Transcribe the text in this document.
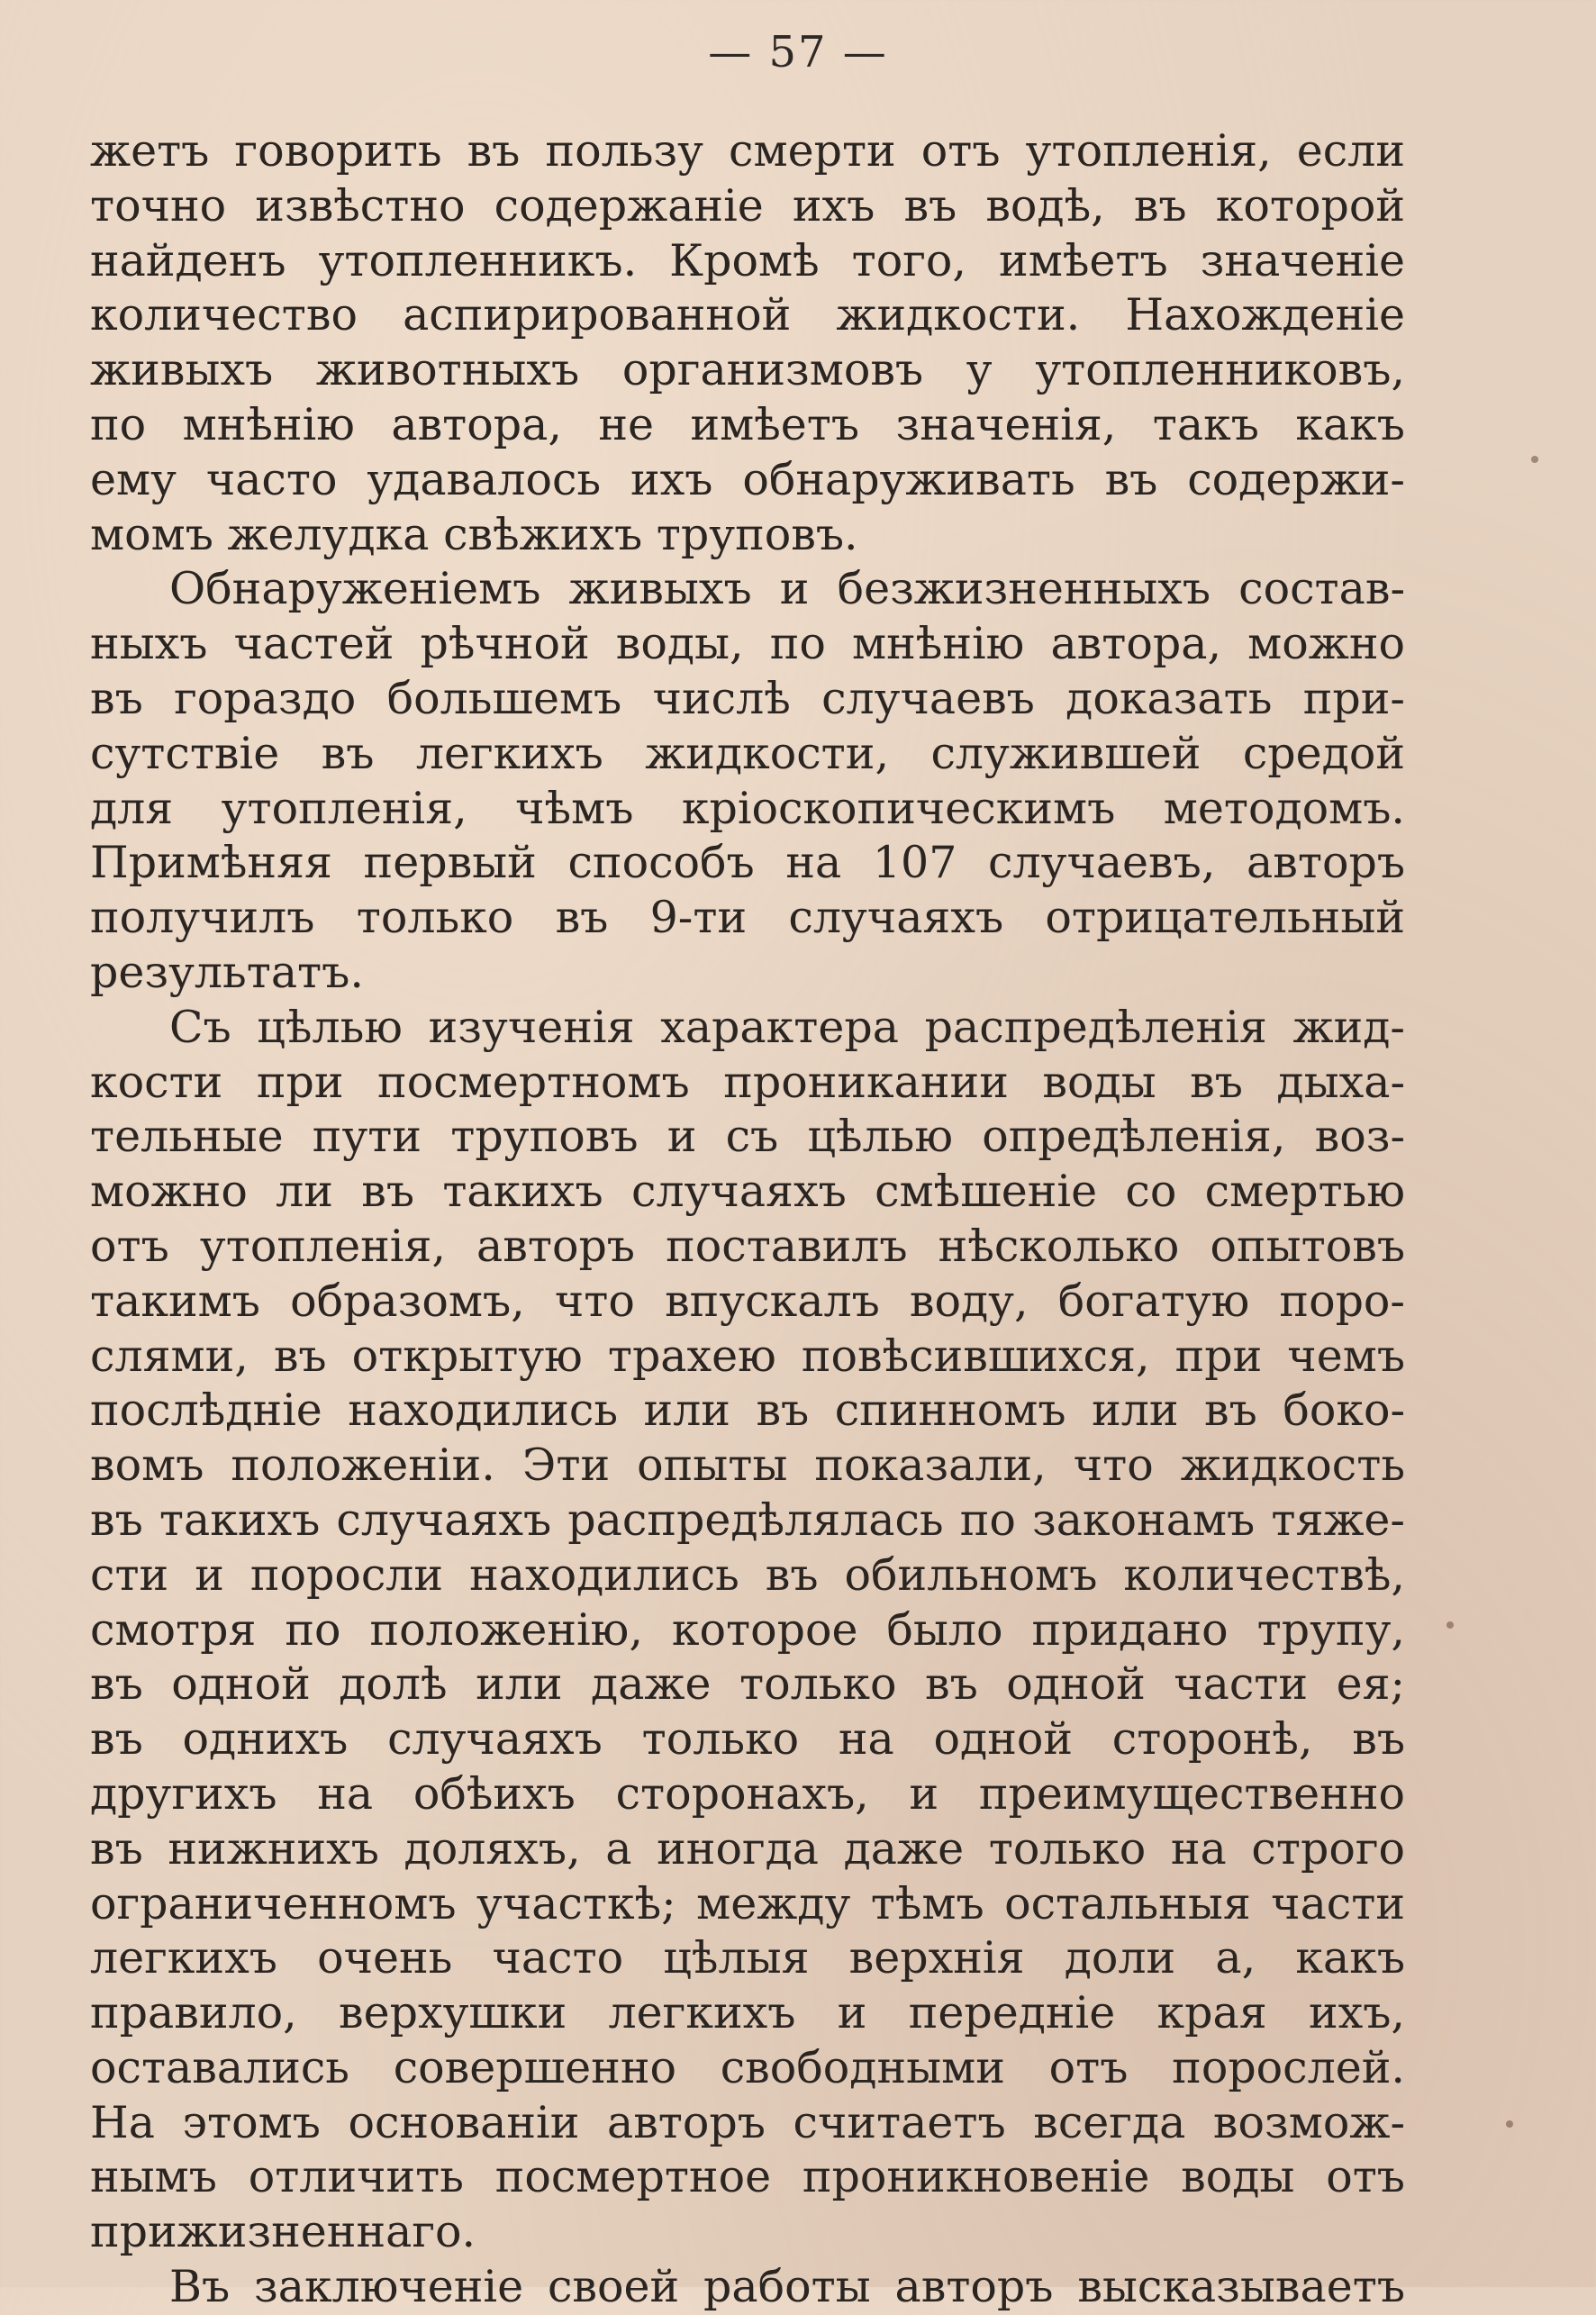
— 57 —
жетъ говорить въ пользу смерти отъ утопленія, если
точно извѣстно содержаніе ихъ въ водѣ, въ которой
найденъ утопленникъ. Кромѣ того, имѣетъ значеніе
количество аспирированной жидкости. Нахожденіе
живыхъ животныхъ организмовъ у утопленниковъ,
по мнѣнію автора, не имѣетъ значенія, такъ какъ
ему часто удавалось ихъ обнаруживать въ содержи-
момъ желудка свѣжихъ труповъ.
Обнаруженіемъ живыхъ и безжизненныхъ состав-
ныхъ частей рѣчной воды, по мнѣнію автора, можно
въ гораздо большемъ числѣ случаевъ доказать при-
сутствіе въ легкихъ жидкости, служившей средой
для утопленія, чѣмъ кріоскопическимъ методомъ.
Примѣняя первый способъ на 107 случаевъ, авторъ
получилъ только въ 9-ти случаяхъ отрицательный
результатъ.
Съ цѣлью изученія характера распредѣленія жид-
кости при посмертномъ проникании воды въ дыха-
тельные пути труповъ и съ цѣлью опредѣленія, воз-
можно ли въ такихъ случаяхъ смѣшеніе со смертью
отъ утопленія, авторъ поставилъ нѣсколько опытовъ
такимъ образомъ, что впускалъ воду, богатую поро-
слями, въ открытую трахею повѣсившихся, при чемъ
послѣдніе находились или въ спинномъ или въ боко-
вомъ положеніи. Эти опыты показали, что жидкость
въ такихъ случаяхъ распредѣлялась по законамъ тяже-
сти и поросли находились въ обильномъ количествѣ,
смотря по положенію, которое было придано трупу,
въ одной долѣ или даже только въ одной части ея;
въ однихъ случаяхъ только на одной сторонѣ, въ
другихъ на обѣихъ сторонахъ, и преимущественно
въ нижнихъ доляхъ, а иногда даже только на строго
ограниченномъ участкѣ; между тѣмъ остальныя части
легкихъ очень часто цѣлыя верхнія доли а, какъ
правило, верхушки легкихъ и передніе края ихъ,
оставались совершенно свободными отъ порослей.
На этомъ основаніи авторъ считаетъ всегда возмож-
нымъ отличить посмертное проникновеніе воды отъ
прижизненнаго.
Въ заключеніе своей работы авторъ высказываетъ
